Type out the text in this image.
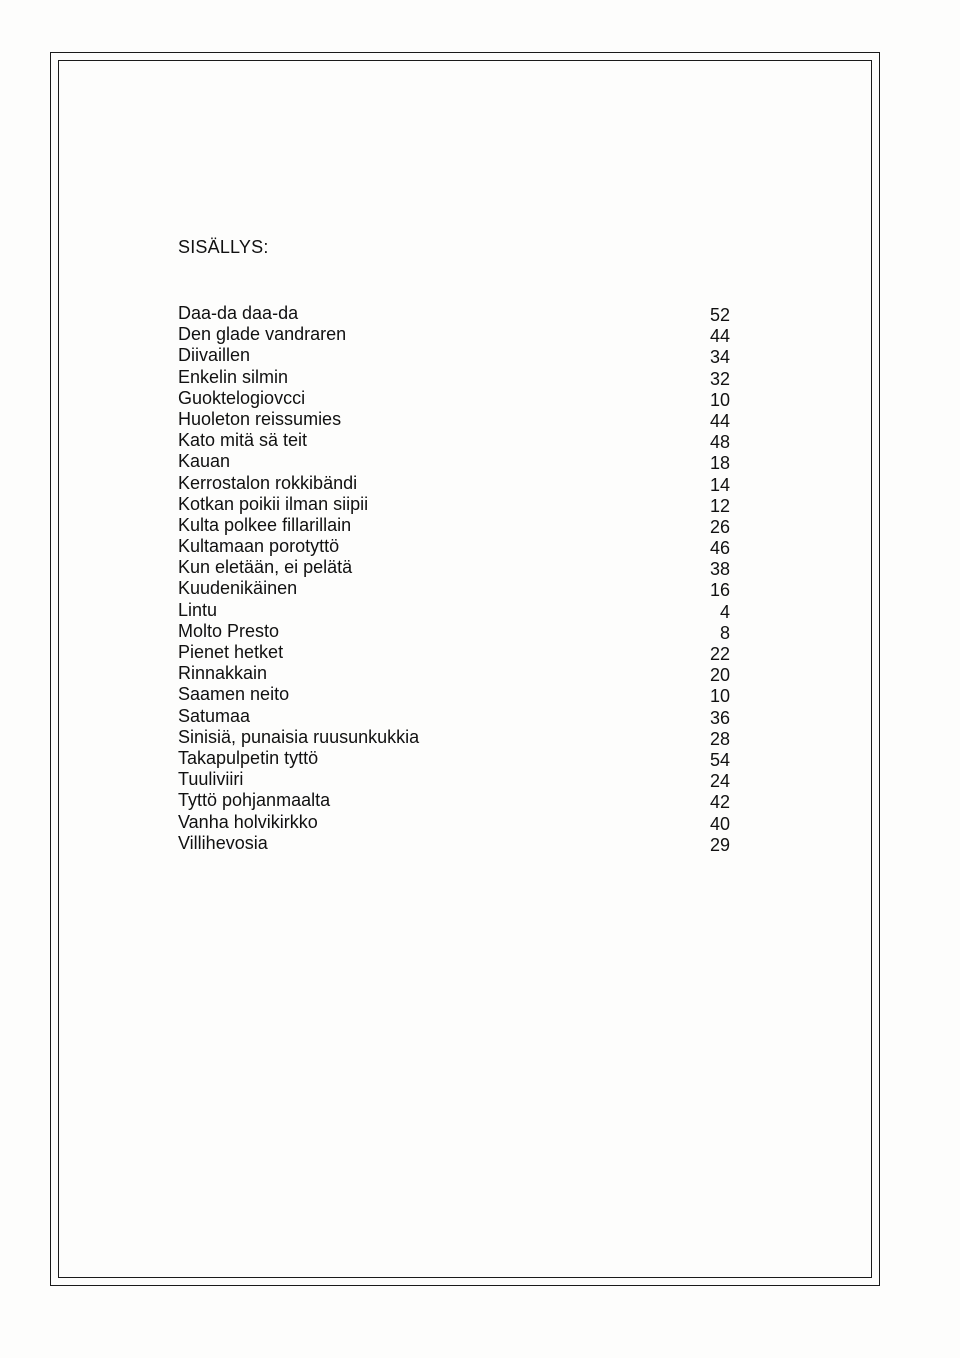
SISÄLLYS:
Daa-da daa-da	52
Den glade vandraren	44
Diivaillen	34
Enkelin silmin	32
Guoktelogiovcci	10
Huoleton reissumies	44
Kato mitä sä teit	48
Kauan	18
Kerrostalon rokkibändi	14
Kotkan poikii ilman siipii	12
Kulta polkee fillarillain	26
Kultamaan porotyttö	46
Kun eletään, ei pelätä	38
Kuudenikäinen	16
Lintu	4
Molto Presto	8
Pienet hetket	22
Rinnakkain	20
Saamen neito	10
Satumaa	36
Sinisiä, punaisia ruusunkukkia	28
Takapulpetin tyttö	54
Tuuliviiri	24
Tyttö pohjanmaalta	42
Vanha holvikirkko	40
Villihevosia	29
